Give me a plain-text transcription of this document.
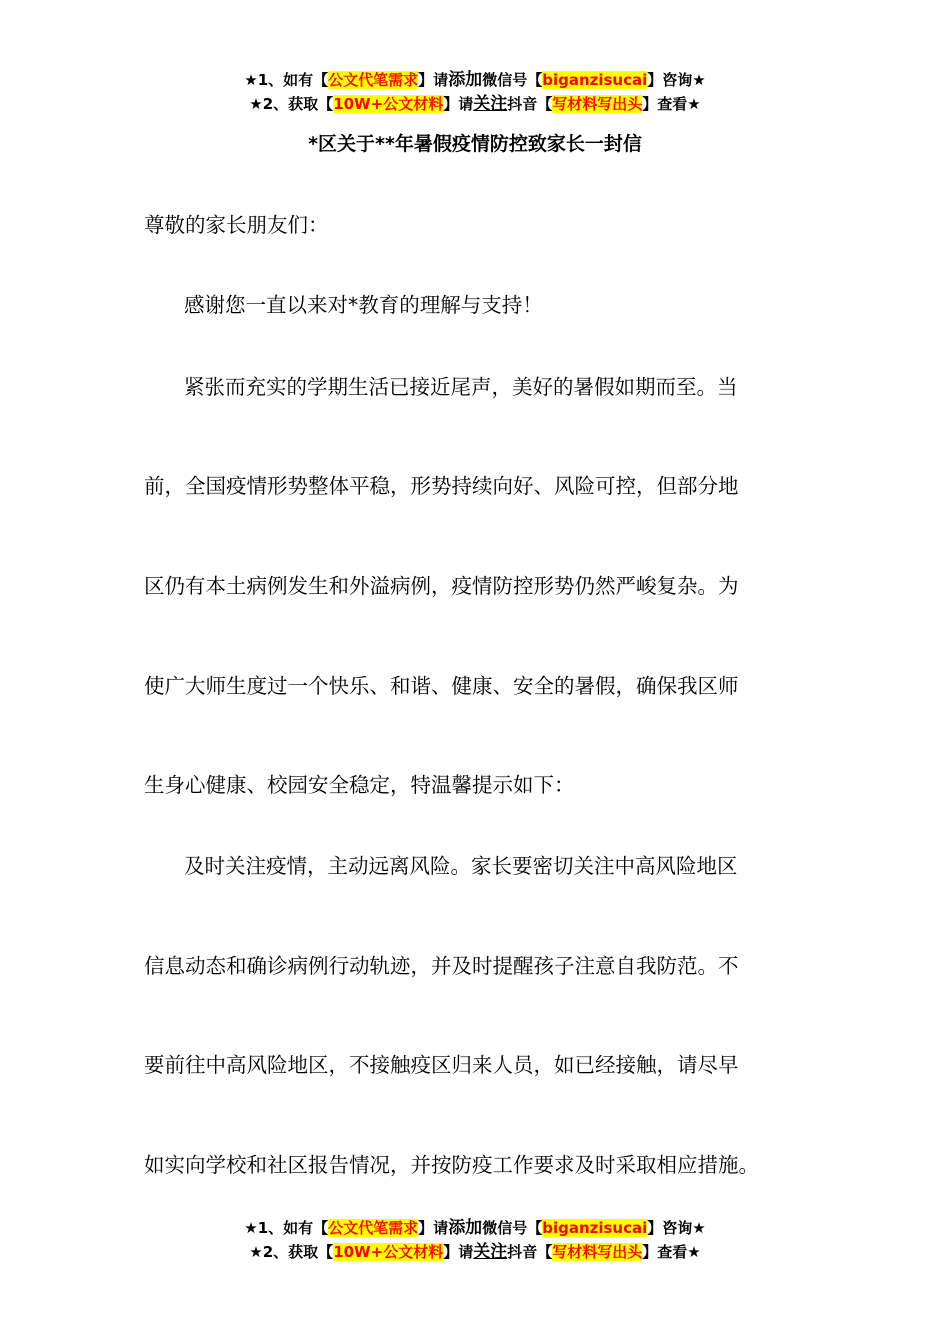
★1、如有【公文代笔需求】请添加微信号【biganzisucai】咨询★
★2、获取【10W+公文材料】请关注抖音【写材料写出头】查看★
*区关于**年暑假疫情防控致家长一封信
尊敬的家长朋友们：
感谢您一直以来对*教育的理解与支持！
紧张而充实的学期生活已接近尾声，美好的暑假如期而至。当
前，全国疫情形势整体平稳，形势持续向好、风险可控，但部分地
区仍有本土病例发生和外溢病例，疫情防控形势仍然严峻复杂。为
使广大师生度过一个快乐、和谐、健康、安全的暑假，确保我区师
生身心健康、校园安全稳定，特温馨提示如下：
及时关注疫情，主动远离风险。家长要密切关注中高风险地区
信息动态和确诊病例行动轨迹，并及时提醒孩子注意自我防范。不
要前往中高风险地区，不接触疫区归来人员，如已经接触，请尽早
如实向学校和社区报告情况，并按防疫工作要求及时采取相应措施。
★1、如有【公文代笔需求】请添加微信号【biganzisucai】咨询★
★2、获取【10W+公文材料】请关注抖音【写材料写出头】查看★
